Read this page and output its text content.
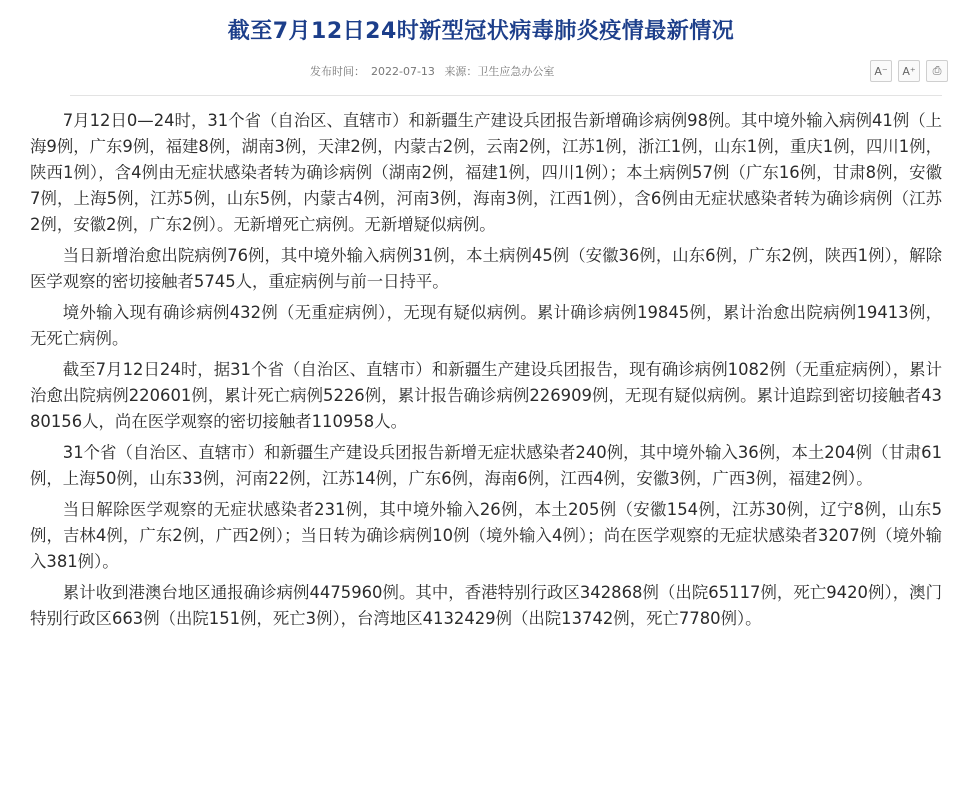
截至7月12日24时新型冠状病毒肺炎疫情最新情况
发布时间： 2022-07-13 来源：卫生应急办公室	A⁻ A⁺ ⎙

7月12日0—24时，31个省（自治区、直辖市）和新疆生产建设兵团报告新增确诊病例98例。其中境外输入病例41例（上海9例，广东9例，福建8例，湖南3例，天津2例，内蒙古2例，云南2例，江苏1例，浙江1例，山东1例，重庆1例，四川1例，陕西1例），含4例由无症状感染者转为确诊病例（湖南2例，福建1例，四川1例）；本土病例57例（广东16例，甘肃8例，安徽7例，上海5例，江苏5例，山东5例，内蒙古4例，河南3例，海南3例，江西1例），含6例由无症状感染者转为确诊病例（江苏2例，安徽2例，广东2例）。无新增死亡病例。无新增疑似病例。

当日新增治愈出院病例76例，其中境外输入病例31例，本土病例45例（安徽36例，山东6例，广东2例，陕西1例），解除医学观察的密切接触者5745人，重症病例与前一日持平。

境外输入现有确诊病例432例（无重症病例），无现有疑似病例。累计确诊病例19845例，累计治愈出院病例19413例，无死亡病例。

截至7月12日24时，据31个省（自治区、直辖市）和新疆生产建设兵团报告，现有确诊病例1082例（无重症病例），累计治愈出院病例220601例，累计死亡病例5226例，累计报告确诊病例226909例，无现有疑似病例。累计追踪到密切接触者4380156人，尚在医学观察的密切接触者110958人。

31个省（自治区、直辖市）和新疆生产建设兵团报告新增无症状感染者240例，其中境外输入36例，本土204例（甘肃61例，上海50例，山东33例，河南22例，江苏14例，广东6例，海南6例，江西4例，安徽3例，广西3例，福建2例）。

当日解除医学观察的无症状感染者231例，其中境外输入26例，本土205例（安徽154例，江苏30例，辽宁8例，山东5例，吉林4例，广东2例，广西2例）；当日转为确诊病例10例（境外输入4例）；尚在医学观察的无症状感染者3207例（境外输入381例）。

累计收到港澳台地区通报确诊病例4475960例。其中，香港特别行政区342868例（出院65117例，死亡9420例），澳门特别行政区663例（出院151例，死亡3例），台湾地区4132429例（出院13742例，死亡7780例）。
